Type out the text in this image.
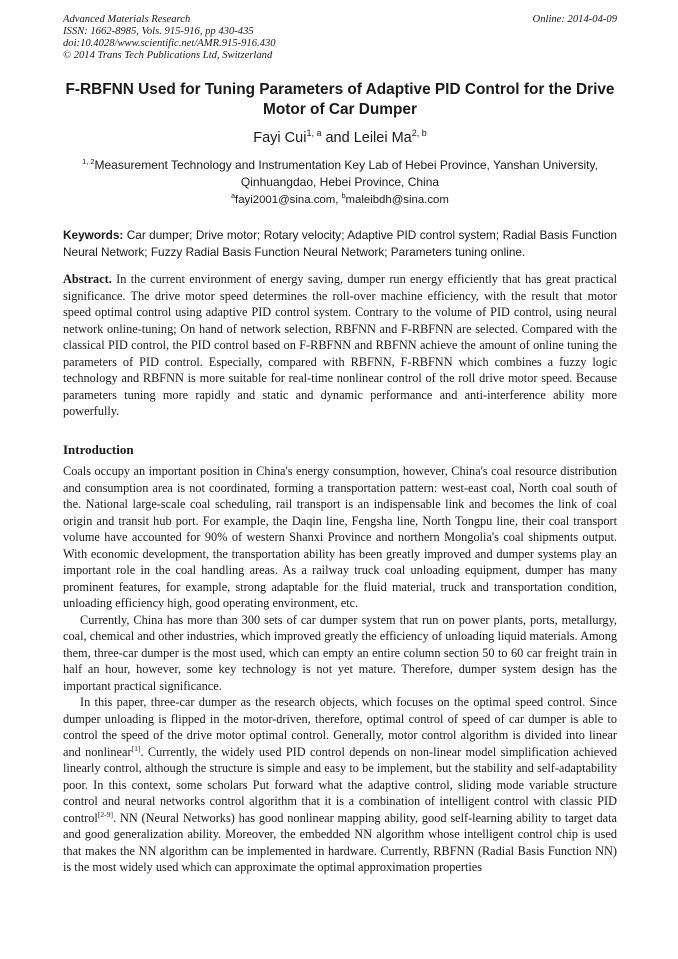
Advanced Materials Research
ISSN: 1662-8985, Vols. 915-916, pp 430-435
doi:10.4028/www.scientific.net/AMR.915-916.430
© 2014 Trans Tech Publications Ltd, Switzerland
Online: 2014-04-09
F-RBFNN Used for Tuning Parameters of Adaptive PID Control for the Drive Motor of Car Dumper
Fayi Cui$^{1, a}$ and Leilei Ma$^{2, b}$
$^{1, 2}$Measurement Technology and Instrumentation Key Lab of Hebei Province, Yanshan University, Qinhuangdao, Hebei Province, China
$^a$fayi2001@sina.com, $^b$maleibdh@sina.com
Keywords: Car dumper; Drive motor; Rotary velocity; Adaptive PID control system; Radial Basis Function Neural Network; Fuzzy Radial Basis Function Neural Network; Parameters tuning online.
Abstract. In the current environment of energy saving, dumper run energy efficiently that has great practical significance. The drive motor speed determines the roll-over machine efficiency, with the result that motor speed optimal control using adaptive PID control system. Contrary to the volume of PID control, using neural network online-tuning; On hand of network selection, RBFNN and F-RBFNN are selected. Compared with the classical PID control, the PID control based on F-RBFNN and RBFNN achieve the amount of online tuning the parameters of PID control. Especially, compared with RBFNN, F-RBFNN which combines a fuzzy logic technology and RBFNN is more suitable for real-time nonlinear control of the roll drive motor speed. Because parameters tuning more rapidly and static and dynamic performance and anti-interference ability more powerfully.
Introduction

Coals occupy an important position in China's energy consumption, however, China's coal resource distribution and consumption area is not coordinated, forming a transportation pattern: west-east coal, North coal south of the. National large-scale coal scheduling, rail transport is an indispensable link and becomes the link of coal origin and transit hub port. For example, the Daqin line, Fengsha line, North Tongpu line, their coal transport volume have accounted for 90% of western Shanxi Province and northern Mongolia's coal shipments output. With economic development, the transportation ability has been greatly improved and dumper systems play an important role in the coal handling areas. As a railway truck coal unloading equipment, dumper has many prominent features, for example, strong adaptable for the fluid material, truck and transportation condition, unloading efficiency high, good operating environment, etc.

Currently, China has more than 300 sets of car dumper system that run on power plants, ports, metallurgy, coal, chemical and other industries, which improved greatly the efficiency of unloading liquid materials. Among them, three-car dumper is the most used, which can empty an entire column section 50 to 60 car freight train in half an hour, however, some key technology is not yet mature. Therefore, dumper system design has the important practical significance.

In this paper, three-car dumper as the research objects, which focuses on the optimal speed control. Since dumper unloading is flipped in the motor-driven, therefore, optimal control of speed of car dumper is able to control the speed of the drive motor optimal control. Generally, motor control algorithm is divided into linear and nonlinear[1]. Currently, the widely used PID control depends on non-linear model simplification achieved linearly control, although the structure is simple and easy to be implement, but the stability and self-adaptability poor. In this context, some scholars Put forward what the adaptive control, sliding mode variable structure control and neural networks control algorithm that it is a combination of intelligent control with classic PID control[2-9]. NN (Neural Networks) has good nonlinear mapping ability, good self-learning ability to target data and good generalization ability. Moreover, the embedded NN algorithm whose intelligent control chip is used that makes the NN algorithm can be implemented in hardware. Currently, RBFNN (Radial Basis Function NN) is the most widely used which can approximate the optimal approximation properties
